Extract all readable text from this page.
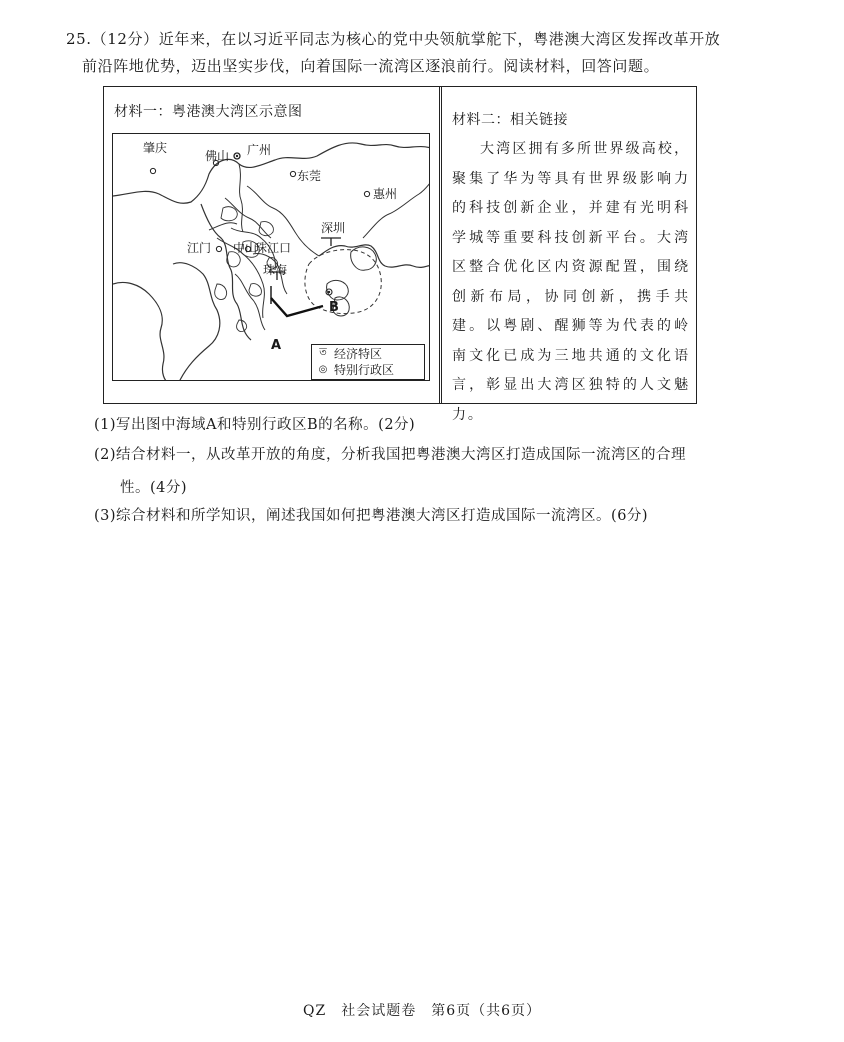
25.（12分）近年来，在以习近平同志为核心的党中央领航掌舵下，粤港澳大湾区发挥改革开放
前沿阵地优势，迈出坚实步伐，向着国际一流湾区逐浪前行。阅读材料，回答问题。
材料一：粤港澳大湾区示意图
肇庆
佛山 广州
东莞
惠州
深圳
江门 中山
珠江口
珠海
B
A	ত 经济特区
◎ 特别行政区
材料二：相关链接
大湾区拥有多所世界级高校，聚集了华为等具有世界级影响力的科技创新企业，并建有光明科学城等重要科技创新平台。大湾区整合优化区内资源配置，围绕创新布局，协同创新，携手共建。以粤剧、醒狮等为代表的岭南文化已成为三地共通的文化语言，彰显出大湾区独特的人文魅力。
(1)写出图中海域A和特别行政区B的名称。(2分)
(2)结合材料一，从改革开放的角度，分析我国把粤港澳大湾区打造成国际一流湾区的合理
性。(4分)
(3)综合材料和所学知识，阐述我国如何把粤港澳大湾区打造成国际一流湾区。(6分)
QZ　社会试题卷　第6页（共6页）
